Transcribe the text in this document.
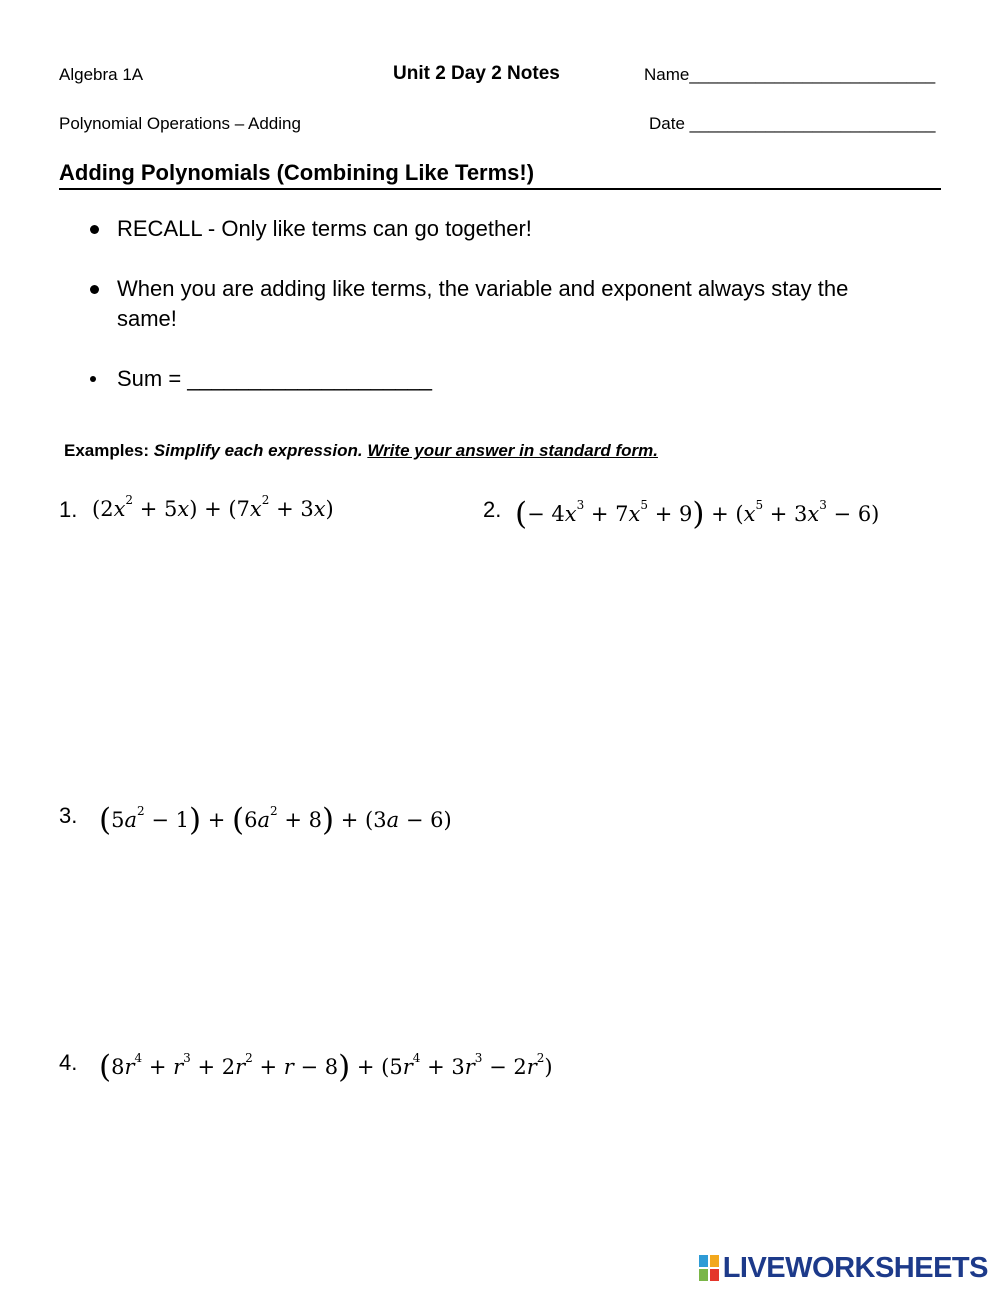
Algebra 1A	Unit 2 Day 2 Notes	Name__________________________
Polynomial Operations – Adding	Date __________________________
Adding Polynomials (Combining Like Terms!)
RECALL - Only like terms can go together!
When you are adding like terms, the variable and exponent always stay the same!
Sum = ____________________
Examples: Simplify each expression. Write your answer in standard form.
1. $(2x^2 + 5x) + (7x^2 + 3x)$	2. (− $4x^3 + 7x^5 + 9) + (x^5 + 3x^3 - 6)$
3. $(5a^2 - 1) + (6a^2 + 8) + (3a - 6)$
4. $(8r^4 + r^3 + 2r^2 + r - 8) + (5r^4 + 3r^3 - 2r^2)$
LIVEWORKSHEETS
